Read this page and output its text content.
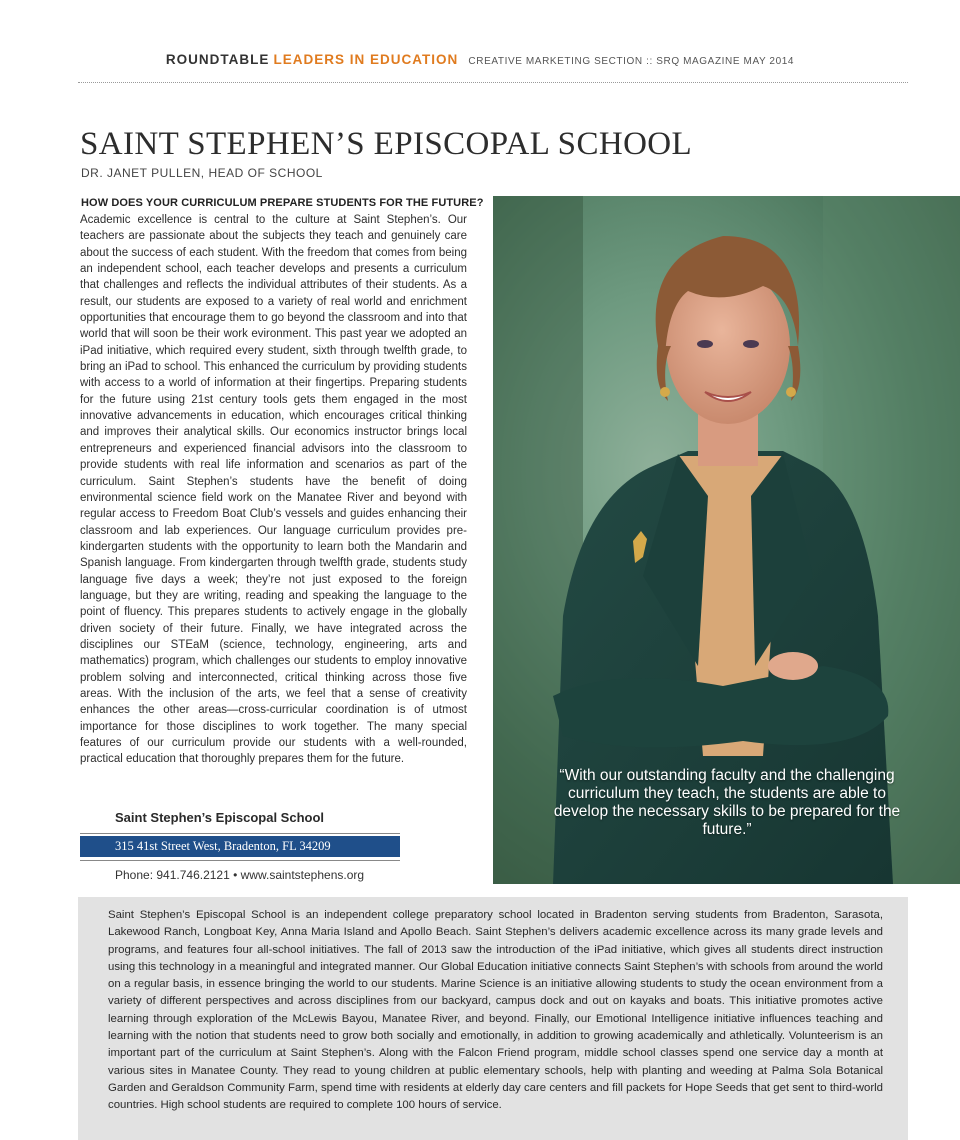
ROUNDTABLE LEADERS IN EDUCATION CREATIVE MARKETING SECTION :: SRQ MAGAZINE MAY 2014
SAINT STEPHEN’S EPISCOPAL SCHOOL
DR. JANET PULLEN, HEAD OF SCHOOL
HOW DOES YOUR CURRICULUM PREPARE STUDENTS FOR THE FUTURE?

Academic excellence is central to the culture at Saint Stephen’s. Our teachers are passionate about the subjects they teach and genuinely care about the success of each student. With the freedom that comes from being an independent school, each teacher develops and presents a curriculum that challenges and reflects the individual attributes of their students. As a result, our students are exposed to a variety of real world and enrichment opportunities that encourage them to go beyond the classroom and into that world that will soon be their work evironment. This past year we adopted an iPad initiative, which required every student, sixth through twelfth grade, to bring an iPad to school. This enhanced the curriculum by providing students with access to a world of information at their fingertips. Preparing students for the future using 21st century tools gets them engaged in the most innovative advancements in education, which encourages critical thinking and improves their analytical skills. Our economics instructor brings local entrepreneurs and experienced financial advisors into the classroom to provide students with real life information and scenarios as part of the curriculum. Saint Stephen’s students have the benefit of doing environmental science field work on the Manatee River and beyond with regular access to Freedom Boat Club’s vessels and guides enhancing their classroom and lab experiences. Our language curriculum provides pre-kindergarten students with the opportunity to learn both the Mandarin and Spanish language. From kindergarten through twelfth grade, students study language five days a week; they’re not just exposed to the foreign language, but they are writing, reading and speaking the language to the point of fluency. This prepares students to actively engage in the globally driven society of their future. Finally, we have integrated across the disciplines our STEaM (science, technology, engineering, arts and mathematics) program, which challenges our students to employ innovative problem solving and interconnected, critical thinking across those five areas. With the inclusion of the arts, we feel that a sense of creativity enhances the other areas—cross-curricular coordination is of utmost importance for those disciplines to work together. The many special features of our curriculum provide our students with a well-rounded, practical education that thoroughly prepares them for the future.

Saint Stephen’s Episcopal School
315 41st Street West, Bradenton, FL 34209
Phone: 941.746.2121 • www.saintstephens.org
“With our outstanding faculty and the challenging curriculum they teach, the students are able to develop the necessary skills to be prepared for the future.”

Saint Stephen’s Episcopal School is an independent college preparatory school located in Bradenton serving students from Bradenton, Sarasota, Lakewood Ranch, Longboat Key, Anna Maria Island and Apollo Beach. Saint Stephen’s delivers academic excellence across its many grade levels and programs, and features four all-school initiatives. The fall of 2013 saw the introduction of the iPad initiative, which gives all students direct instruction using this technology in a meaningful and integrated manner. Our Global Education initiative connects Saint Stephen’s with schools from around the world on a regular basis, in essence bringing the world to our students. Marine Science is an initiative allowing students to study the ocean environment from a variety of different perspectives and across disciplines from our backyard, campus dock and out on kayaks and boats. This initiative promotes active learning through exploration of the McLewis Bayou, Manatee River, and beyond. Finally, our Emotional Intelligence initiative influences teaching and learning with the notion that students need to grow both socially and emotionally, in addition to growing academically and athletically. Volunteerism is an important part of the curriculum at Saint Stephen’s. Along with the Falcon Friend program, middle school classes spend one service day a month at various sites in Manatee County. They read to young children at public elementary schools, help with planting and weeding at Palma Sola Botanical Garden and Geraldson Community Farm, spend time with residents at elderly day care centers and fill packets for Hope Seeds that get sent to third-world countries. High school students are required to complete 100 hours of service.
